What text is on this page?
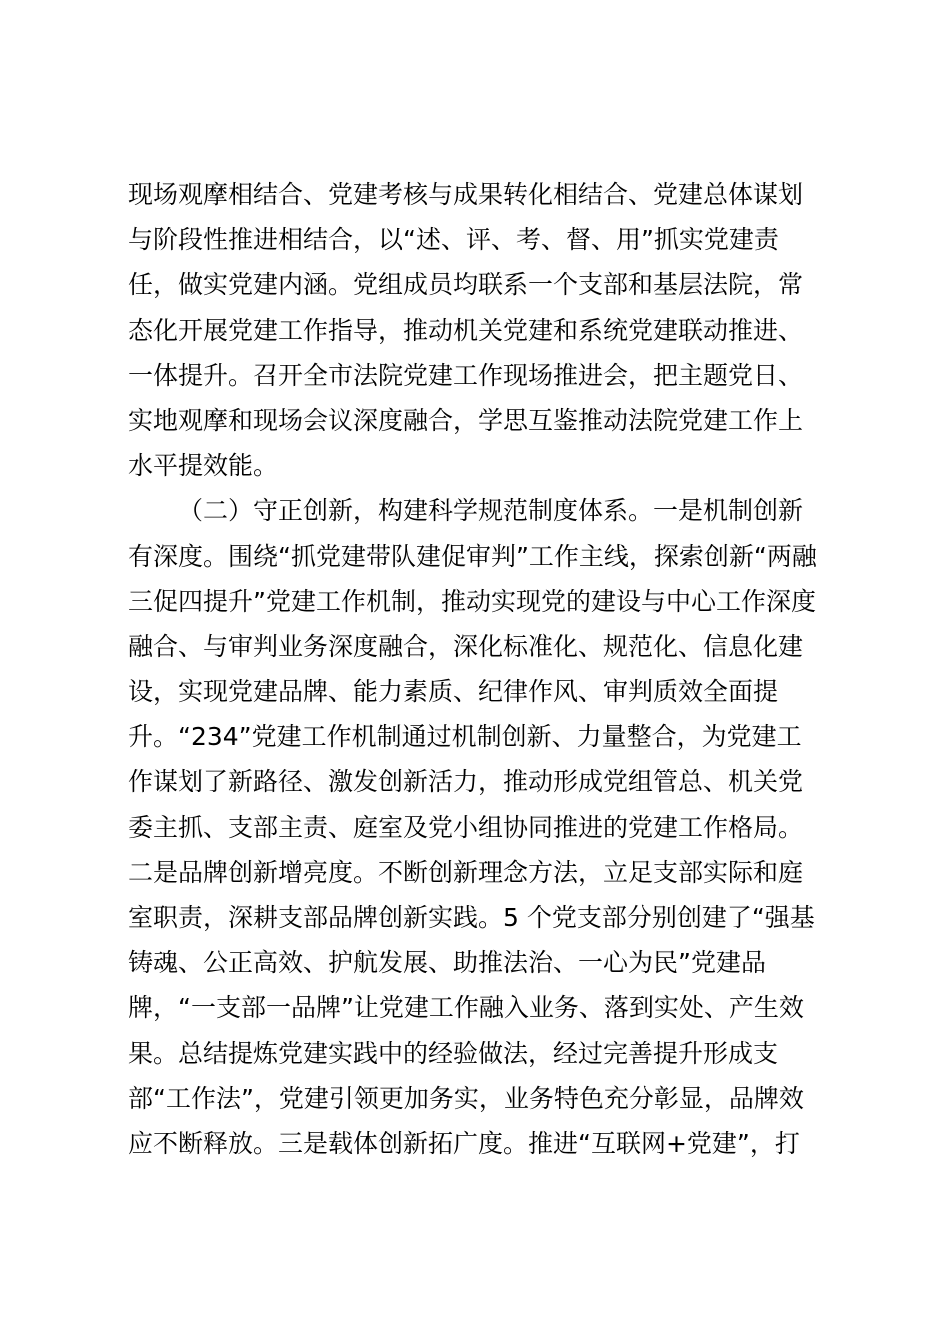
现场观摩相结合、党建考核与成果转化相结合、党建总体谋划
与阶段性推进相结合，以“述、评、考、督、用”抓实党建责
任，做实党建内涵。党组成员均联系一个支部和基层法院，常
态化开展党建工作指导，推动机关党建和系统党建联动推进、
一体提升。召开全市法院党建工作现场推进会，把主题党日、
实地观摩和现场会议深度融合，学思互鉴推动法院党建工作上
水平提效能。
（二）守正创新，构建科学规范制度体系。一是机制创新
有深度。围绕“抓党建带队建促审判”工作主线，探索创新“两融
三促四提升”党建工作机制，推动实现党的建设与中心工作深度
融合、与审判业务深度融合，深化标准化、规范化、信息化建
设，实现党建品牌、能力素质、纪律作风、审判质效全面提
升。“234”党建工作机制通过机制创新、力量整合，为党建工
作谋划了新路径、激发创新活力，推动形成党组管总、机关党
委主抓、支部主责、庭室及党小组协同推进的党建工作格局。
二是品牌创新增亮度。不断创新理念方法，立足支部实际和庭
室职责，深耕支部品牌创新实践。5 个党支部分别创建了“强基
铸魂、公正高效、护航发展、助推法治、一心为民”党建品
牌，“一支部一品牌”让党建工作融入业务、落到实处、产生效
果。总结提炼党建实践中的经验做法，经过完善提升形成支
部“工作法”，党建引领更加务实，业务特色充分彰显，品牌效
应不断释放。三是载体创新拓广度。推进“互联网+党建”，打
